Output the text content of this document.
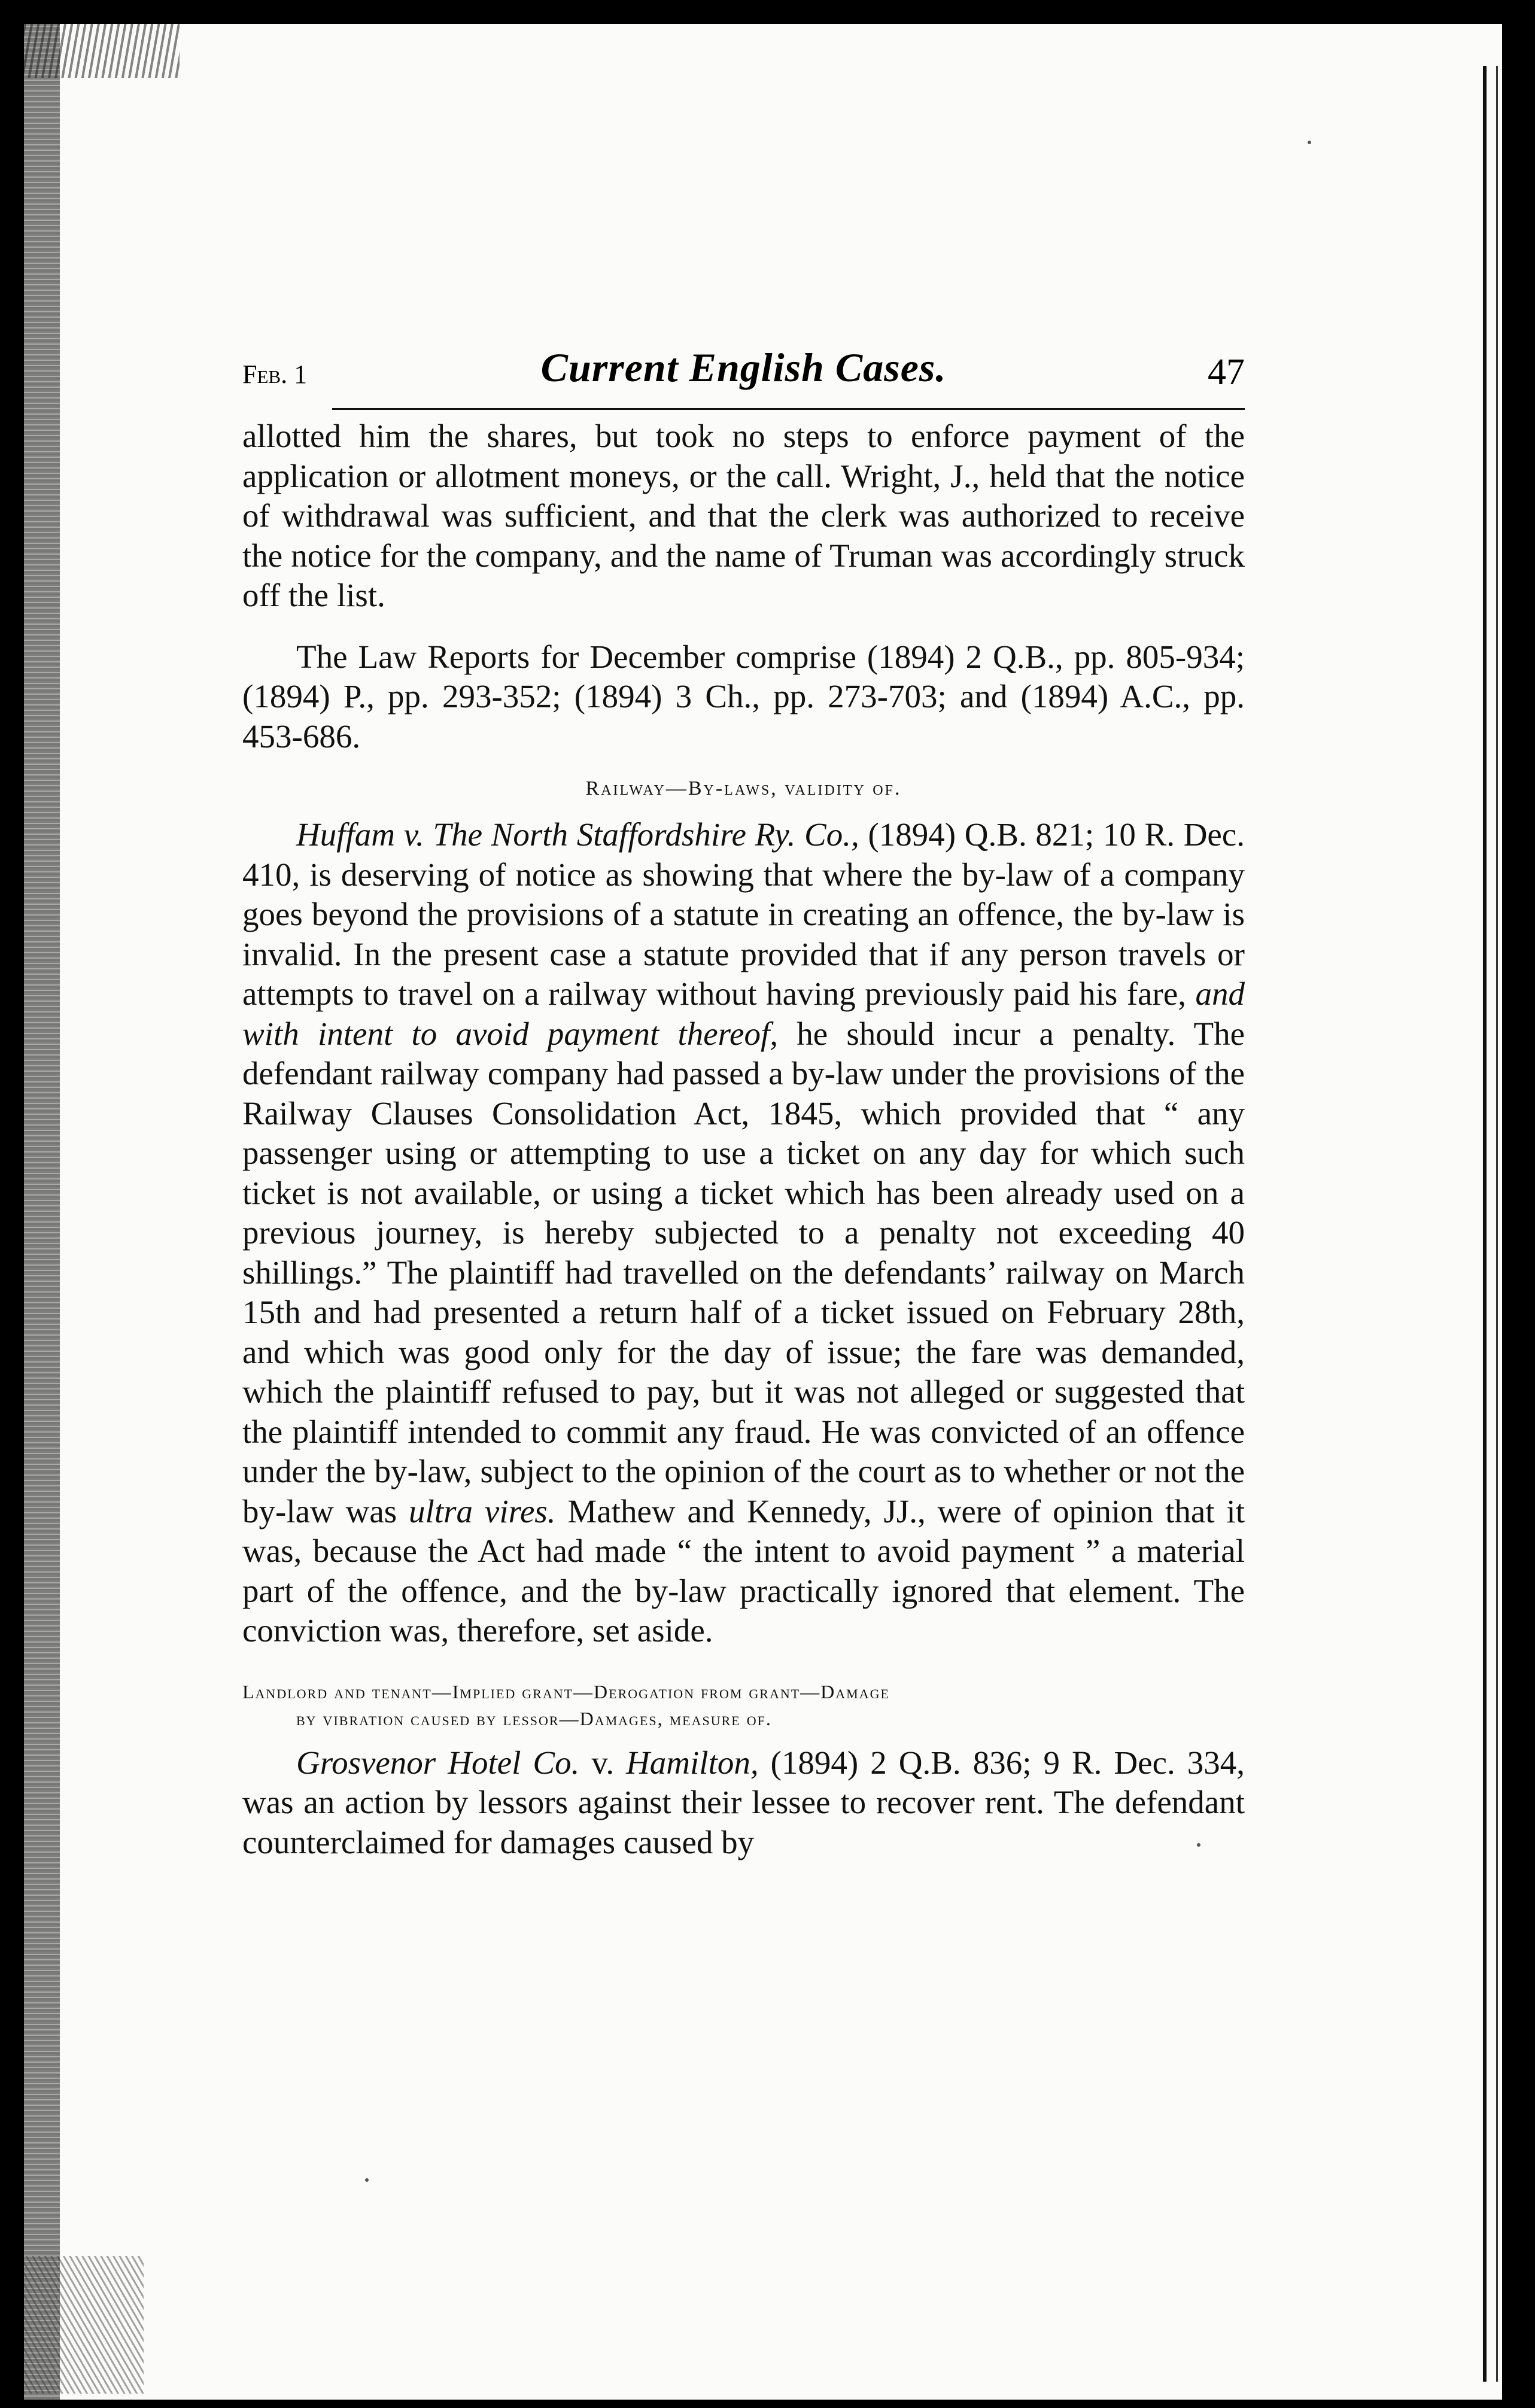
Feb. 1	Current English Cases.	47

allotted him the shares, but took no steps to enforce payment of the application or allotment moneys, or the call. Wright, J., held that the notice of withdrawal was sufficient, and that the clerk was authorized to receive the notice for the company, and the name of Truman was accordingly struck off the list.

The Law Reports for December comprise (1894) 2 Q.B., pp. 805-934; (1894) P., pp. 293-352; (1894) 3 Ch., pp. 273-703; and (1894) A.C., pp. 453-686.

Railway—By-laws, validity of.

Huffam v. The North Staffordshire Ry. Co., (1894) Q.B. 821; 10 R. Dec. 410, is deserving of notice as showing that where the by-law of a company goes beyond the provisions of a statute in creating an offence, the by-law is invalid. In the present case a statute provided that if any person travels or attempts to travel on a railway without having previously paid his fare, and with intent to avoid payment thereof, he should incur a penalty. The defendant railway company had passed a by-law under the provisions of the Railway Clauses Consolidation Act, 1845, which provided that “ any passenger using or attempting to use a ticket on any day for which such ticket is not available, or using a ticket which has been already used on a previous journey, is hereby subjected to a penalty not exceeding 40 shillings.” The plaintiff had travelled on the defendants’ railway on March 15th and had presented a return half of a ticket issued on February 28th, and which was good only for the day of issue; the fare was demanded, which the plaintiff refused to pay, but it was not alleged or suggested that the plaintiff intended to commit any fraud. He was convicted of an offence under the by-law, subject to the opinion of the court as to whether or not the by-law was ultra vires. Mathew and Kennedy, JJ., were of opinion that it was, because the Act had made “ the intent to avoid payment ” a material part of the offence, and the by-law practically ignored that element. The conviction was, therefore, set aside.

Landlord and tenant—Implied grant—Derogation from grant—Damage
by vibration caused by lessor—Damages, measure of.

Grosvenor Hotel Co. v. Hamilton, (1894) 2 Q.B. 836; 9 R. Dec. 334, was an action by lessors against their lessee to recover rent. The defendant counterclaimed for damages caused by
